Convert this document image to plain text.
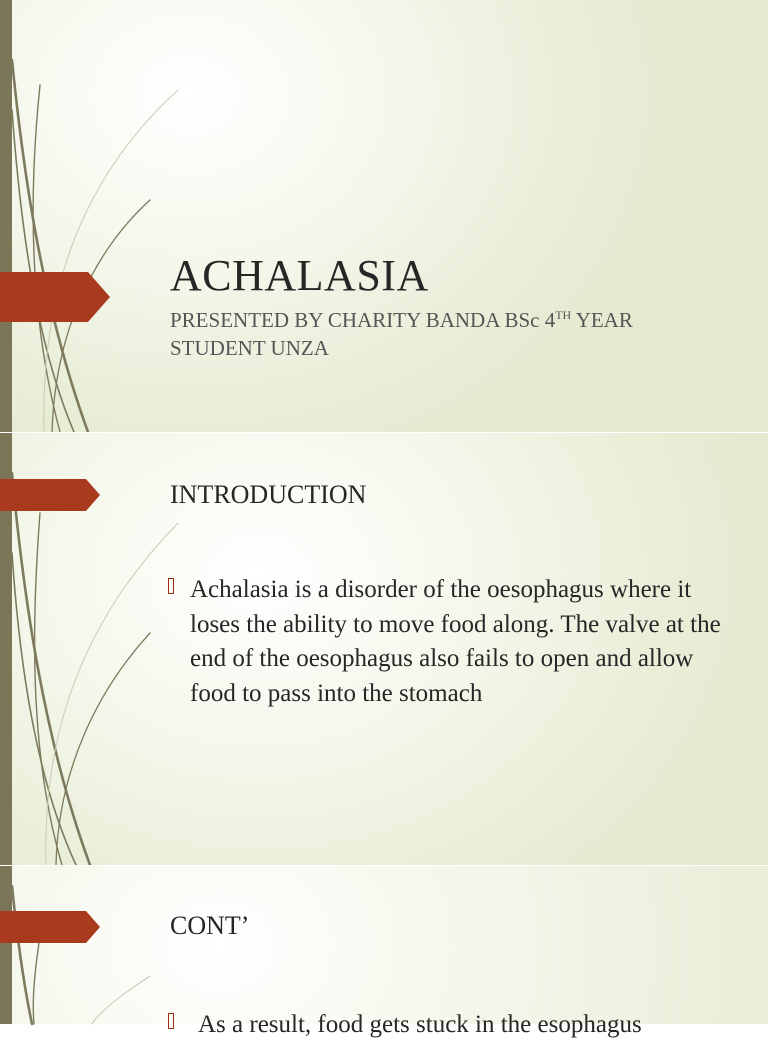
ACHALASIA

PRESENTED BY CHARITY BANDA BSc 4TH YEAR STUDENT UNZA

INTRODUCTION

Achalasia is a disorder of the oesophagus where it loses the ability to move food along. The valve at the end of the oesophagus also fails to open and allow food to pass into the stomach

CONT’

As a result, food gets stuck in the esophagus
